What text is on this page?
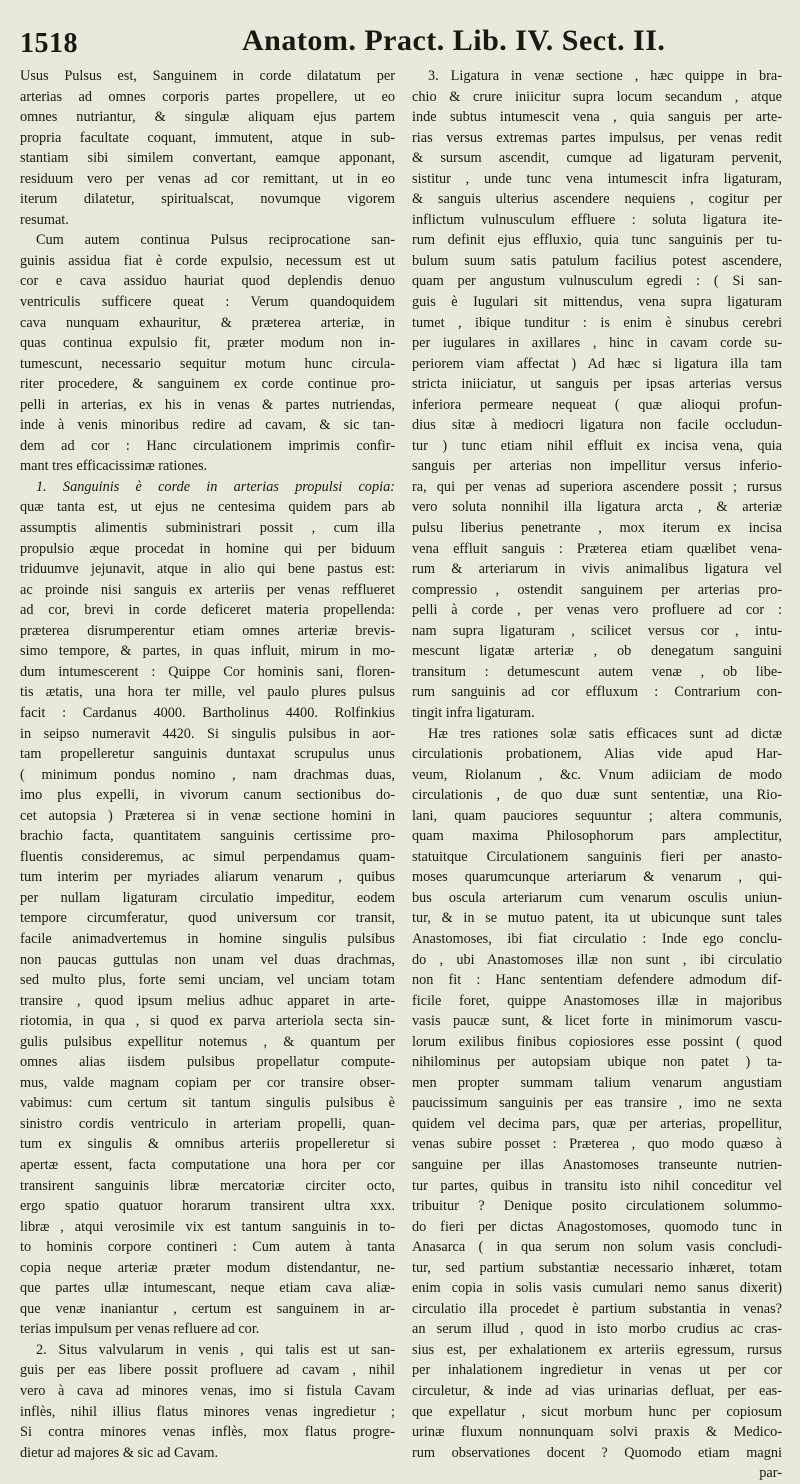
1518	Anatom. Pract. Lib. IV. Sect. II.

Usus Pulsus est, Sanguinem in corde dilatatum per

arterias ad omnes corporis partes propellere, ut eo

omnes nutriantur, & singulæ aliquam ejus partem

propria facultate coquant, immutent, atque in sub-

stantiam sibi similem convertant, eamque apponant,

residuum vero per venas ad cor remittant, ut in eo

iterum dilatetur, spiritualscat, novumque vigorem

resumat.

Cum autem continua Pulsus reciprocatione san-

guinis assidua fiat è corde expulsio, necessum est ut

cor e cava assiduo hauriat quod deplendis denuo

ventriculis sufficere queat : Verum quandoquidem

cava nunquam exhauritur, & præterea arteriæ, in

quas continua expulsio fit, præter modum non in-

tumescunt, necessario sequitur motum hunc circula-

riter procedere, & sanguinem ex corde continue pro-

pelli in arterias, ex his in venas & partes nutriendas,

inde à venis minoribus redire ad cavam, & sic tan-

dem ad cor : Hanc circulationem imprimis confir-

mant tres efficacissimæ rationes.

1. Sanguinis è corde in arterias propulsi copia:

quæ tanta est, ut ejus ne centesima quidem pars ab

assumptis alimentis subministrari possit , cum illa

propulsio æque procedat in homine qui per biduum

triduumve jejunavit, atque in alio qui bene pastus est:

ac proinde nisi sanguis ex arteriis per venas refflueret

ad cor, brevi in corde deficeret materia propellenda:

præterea disrumperentur etiam omnes arteriæ brevis-

simo tempore, & partes, in quas influit, mirum in mo-

dum intumescerent : Quippe Cor hominis sani, floren-

tis ætatis, una hora ter mille, vel paulo plures pulsus

facit : Cardanus 4000. Bartholinus 4400. Rolfinkius

in seipso numeravit 4420. Si singulis pulsibus in aor-

tam propelleretur sanguinis duntaxat scrupulus unus

( minimum pondus nomino , nam drachmas duas,

imo plus expelli, in vivorum canum sectionibus do-

cet autopsia ) Præterea si in venæ sectione homini in

brachio facta, quantitatem sanguinis certissime pro-

fluentis consideremus, ac simul perpendamus quam-

tum interim per myriades aliarum venarum , quibus

per nullam ligaturam circulatio impeditur, eodem

tempore circumferatur, quod universum cor transit,

facile animadvertemus in homine singulis pulsibus

non paucas guttulas non unam vel duas drachmas,

sed multo plus, forte semi unciam, vel unciam totam

transire , quod ipsum melius adhuc apparet in arte-

riotomia, in qua , si quod ex parva arteriola secta sin-

gulis pulsibus expellitur notemus , & quantum per

omnes alias iisdem pulsibus propellatur compute-

mus, valde magnam copiam per cor transire obser-

vabimus: cum certum sit tantum singulis pulsibus è

sinistro cordis ventriculo in arteriam propelli, quan-

tum ex singulis & omnibus arteriis propelleretur si

apertæ essent, facta computatione una hora per cor

transirent sanguinis libræ mercatoriæ circiter octo,

ergo spatio quatuor horarum transirent ultra xxx.

libræ , atqui verosimile vix est tantum sanguinis in to-

to hominis corpore contineri : Cum autem à tanta

copia neque arteriæ præter modum distendantur, ne-

que partes ullæ intumescant, neque etiam cava aliæ-

que venæ inaniantur , certum est sanguinem in ar-

terias impulsum per venas refluere ad cor.

2. Situs valvularum in venis , qui talis est ut san-

guis per eas libere possit profluere ad cavam , nihil

vero à cava ad minores venas, imo si fistula Cavam

inflès, nihil illius flatus minores venas ingredietur ;

Si contra minores venas inflès, mox flatus progre-

dietur ad majores & sic ad Cavam.

3. Ligatura in venæ sectione , hæc quippe in bra-

chio & crure iniicitur supra locum secandum , atque

inde subtus intumescit vena , quia sanguis per arte-

rias versus extremas partes impulsus, per venas redit

& sursum ascendit, cumque ad ligaturam pervenit,

sistitur , unde tunc vena intumescit infra ligaturam,

& sanguis ulterius ascendere nequiens , cogitur per

inflictum vulnusculum effluere : soluta ligatura ite-

rum definit ejus effluxio, quia tunc sanguinis per tu-

bulum suum satis patulum facilius potest ascendere,

quam per angustum vulnusculum egredi : ( Si san-

guis è Iugulari sit mittendus, vena supra ligaturam

tumet , ibique tunditur : is enim è sinubus cerebri

per iugulares in axillares , hinc in cavam corde su-

periorem viam affectat ) Ad hæc si ligatura illa tam

stricta iniiciatur, ut sanguis per ipsas arterias versus

inferiora permeare nequeat ( quæ alioqui profun-

dius sitæ à mediocri ligatura non facile occludun-

tur ) tunc etiam nihil effluit ex incisa vena, quia

sanguis per arterias non impellitur versus inferio-

ra, qui per venas ad superiora ascendere possit ; rursus

vero soluta nonnihil illa ligatura arcta , & arteriæ

pulsu liberius penetrante , mox iterum ex incisa

vena effluit sanguis : Præterea etiam quælibet vena-

rum & arteriarum in vivis animalibus ligatura vel

compressio , ostendit sanguinem per arterias pro-

pelli à corde , per venas vero profluere ad cor :

nam supra ligaturam , scilicet versus cor , intu-

mescunt ligatæ arteriæ , ob denegatum sanguini

transitum : detumescunt autem venæ , ob libe-

rum sanguinis ad cor effluxum : Contrarium con-

tingit infra ligaturam.

Hæ tres rationes solæ satis efficaces sunt ad dictæ

circulationis probationem, Alias vide apud Har-

veum, Riolanum , &c. Vnum adiiciam de modo

circulationis , de quo duæ sunt sententiæ, una Rio-

lani, quam pauciores sequuntur ; altera communis,

quam maxima Philosophorum pars amplectitur,

statuitque Circulationem sanguinis fieri per anasto-

moses quarumcunque arteriarum & venarum , qui-

bus oscula arteriarum cum venarum osculis uniun-

tur, & in se mutuo patent, ita ut ubicunque sunt tales

Anastomoses, ibi fiat circulatio : Inde ego conclu-

do , ubi Anastomoses illæ non sunt , ibi circulatio

non fit : Hanc sententiam defendere admodum dif-

ficile foret, quippe Anastomoses illæ in majoribus

vasis paucæ sunt, & licet forte in minimorum vascu-

lorum exilibus finibus copiosiores esse possint ( quod

nihilominus per autopsiam ubique non patet ) ta-

men propter summam talium venarum angustiam

paucissimum sanguinis per eas transire , imo ne sexta

quidem vel decima pars, quæ per arterias, propellitur,

venas subire posset : Præterea , quo modo quæso à

sanguine per illas Anastomoses transeunte nutrien-

tur partes, quibus in transitu isto nihil conceditur vel

tribuitur ? Denique posito circulationem solummo-

do fieri per dictas Anagostomoses, quomodo tunc in

Anasarca ( in qua serum non solum vasis concludi-

tur, sed partium substantiæ necessario inhæret, totam

enim copia in solis vasis cumulari nemo sanus dixerit)

circulatio illa procedet è partium substantia in venas?

an serum illud , quod in isto morbo crudius ac cras-

sius est, per exhalationem ex arteriis egressum, rursus

per inhalationem ingredietur in venas ut per cor

circuletur, & inde ad vias urinarias defluat, per eas-

que expellatur , sicut morbum hunc per copiosum

urinæ fluxum nonnunquam solvi praxis & Medico-

rum observationes docent ? Quomodo etiam magni

par-
